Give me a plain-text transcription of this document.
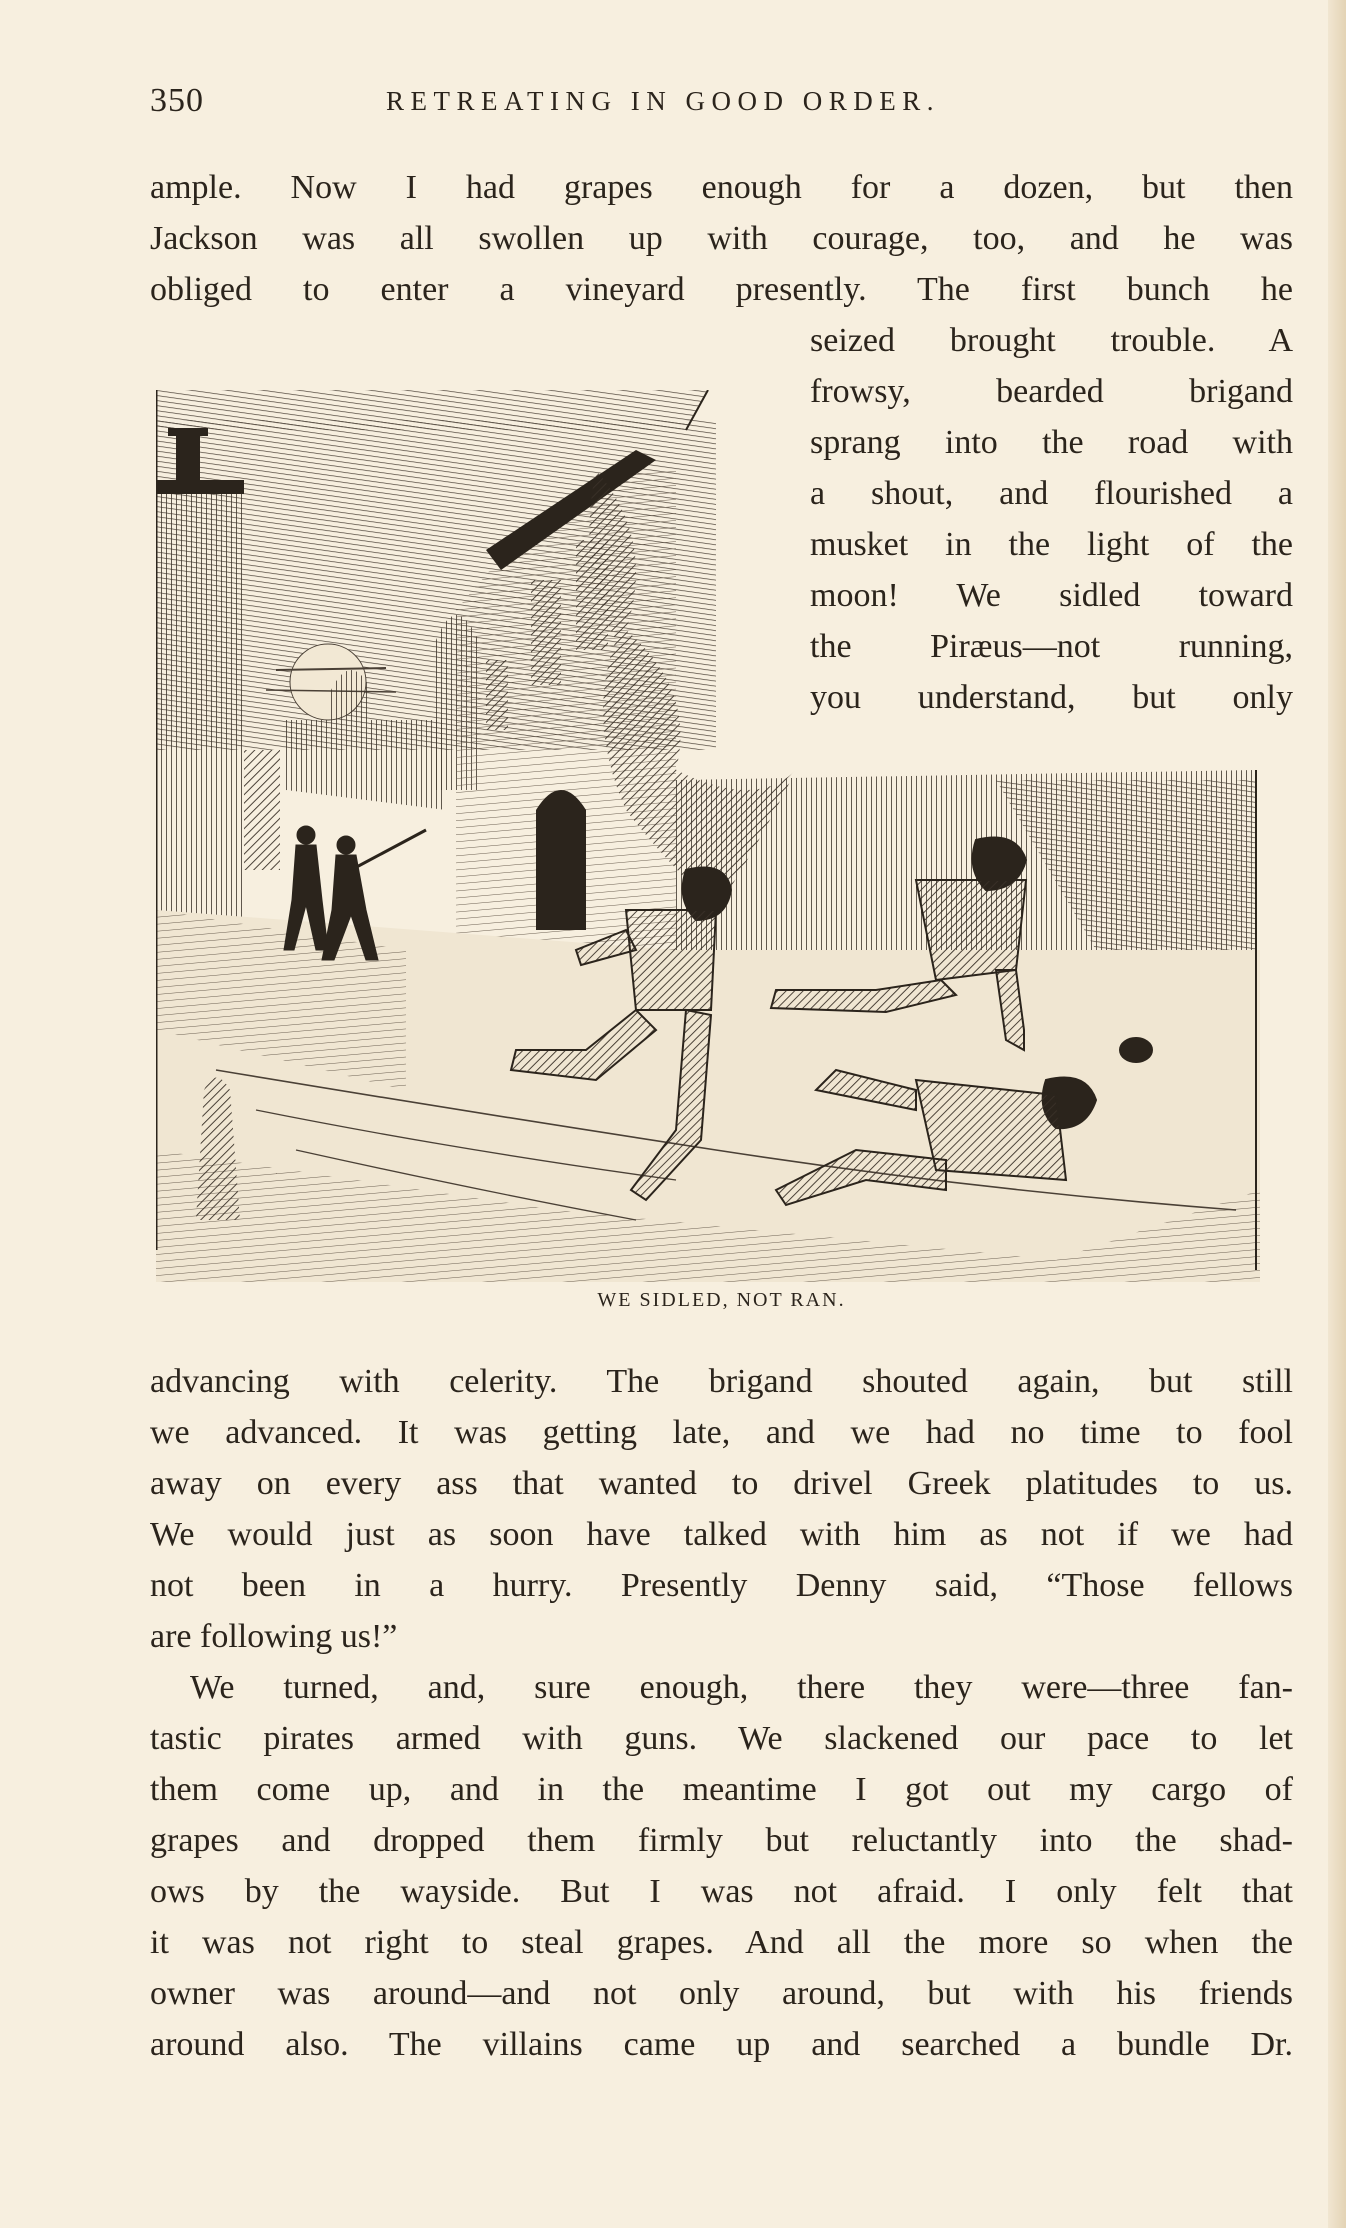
350	RETREATING IN GOOD ORDER.
ample. Now I had grapes enough for a dozen, but then
Jackson was all swollen up with courage, too, and he was
obliged to enter a vineyard presently. The first bunch he
seized brought trouble. A
frowsy, bearded brigand
sprang into the road with
a shout, and flourished a
musket in the light of the
moon! We sidled toward
the Piræus—not running,
you understand, but only
WE SIDLED, NOT RAN.
advancing with celerity. The brigand shouted again, but still
we advanced. It was getting late, and we had no time to fool
away on every ass that wanted to drivel Greek platitudes to us.
We would just as soon have talked with him as not if we had
not been in a hurry. Presently Denny said, “Those fellows
are following us!”
We turned, and, sure enough, there they were—three fan-
tastic pirates armed with guns. We slackened our pace to let
them come up, and in the meantime I got out my cargo of
grapes and dropped them firmly but reluctantly into the shad-
ows by the wayside. But I was not afraid. I only felt that
it was not right to steal grapes. And all the more so when the
owner was around—and not only around, but with his friends
around also. The villains came up and searched a bundle Dr.
